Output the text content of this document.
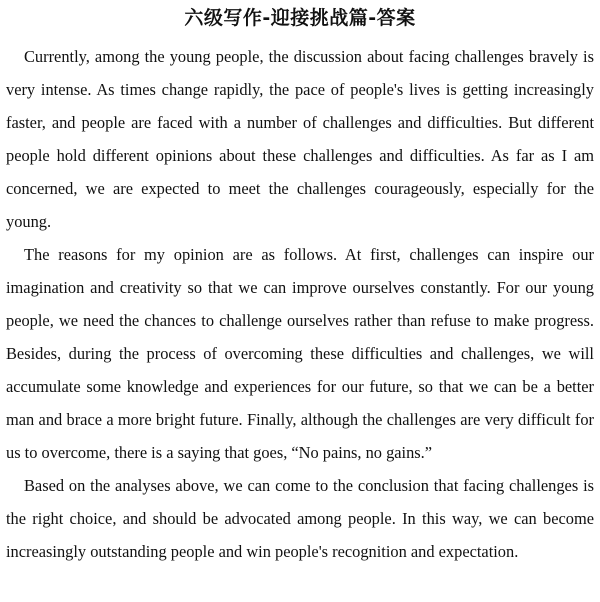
六级写作-迎接挑战篇-答案

Currently, among the young people, the discussion about facing challenges bravely is very intense. As times change rapidly, the pace of people's lives is getting increasingly faster, and people are faced with a number of challenges and difficulties. But different people hold different opinions about these challenges and difficulties. As far as I am concerned, we are expected to meet the challenges courageously, especially for the young.

The reasons for my opinion are as follows. At first, challenges can inspire our imagination and creativity so that we can improve ourselves constantly. For our young people, we need the chances to challenge ourselves rather than refuse to make progress. Besides, during the process of overcoming these difficulties and challenges, we will accumulate some knowledge and experiences for our future, so that we can be a better man and brace a more bright future. Finally, although the challenges are very difficult for us to overcome, there is a saying that goes, “No pains, no gains.”

Based on the analyses above, we can come to the conclusion that facing challenges is the right choice, and should be advocated among people. In this way, we can become increasingly outstanding people and win people's recognition and expectation.
